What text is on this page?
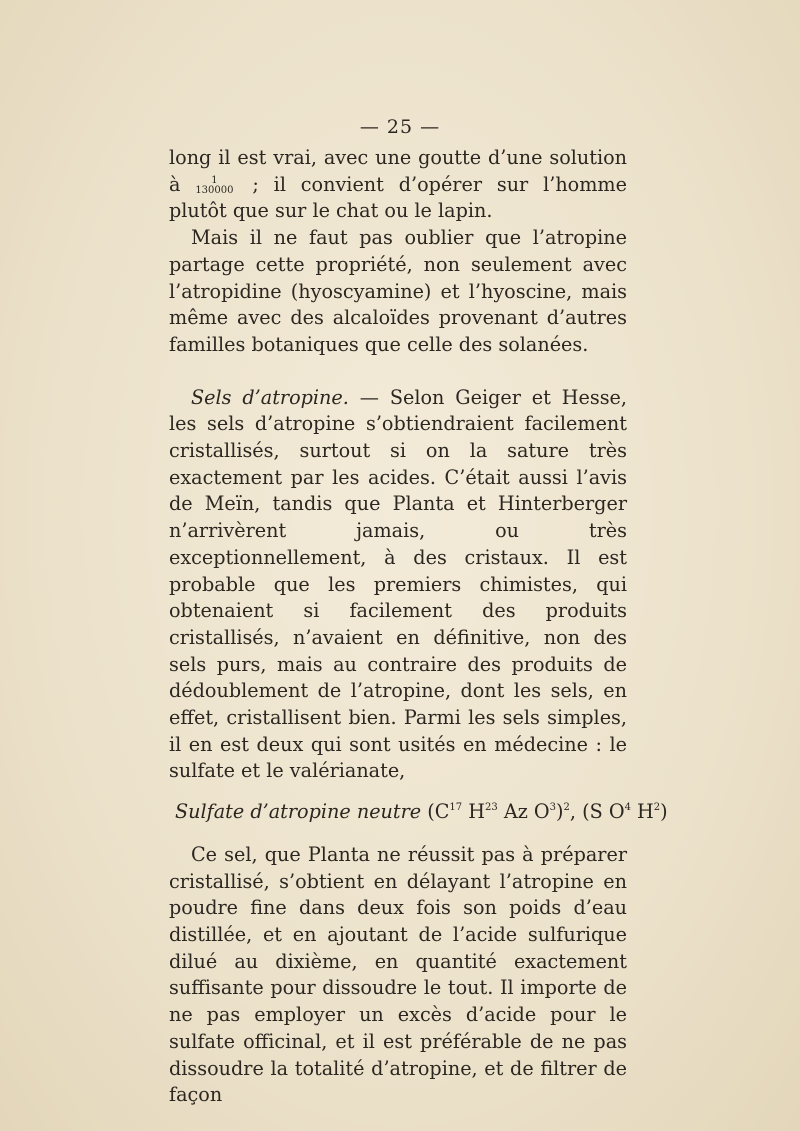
— 25 —

long il est vrai, avec une goutte d’une solution à	1
130000 ; il convient d’opérer sur l’homme plutôt que sur le chat ou le lapin.

Mais il ne faut pas oublier que l’atropine partage cette propriété, non seulement avec l’atropidine (hyoscyamine) et l’hyoscine, mais même avec des alcaloïdes provenant d’autres familles botaniques que celle des solanées.

Sels d’atropine. — Selon Geiger et Hesse, les sels d’atropine s’obtiendraient facilement cristallisés, surtout si on la sature très exactement par les acides. C’était aussi l’avis de Meïn, tandis que Planta et Hinterberger n’arrivèrent jamais, ou très exceptionnellement, à des cristaux. Il est probable que les premiers chimistes, qui obtenaient si facilement des produits cristallisés, n’avaient en définitive, non des sels purs, mais au contraire des produits de dédoublement de l’atropine, dont les sels, en effet, cristallisent bien. Parmi les sels simples, il en est deux qui sont usités en médecine : le sulfate et le valérianate,

Sulfate d’atropine neutre ($C^{17}$ $H^{23}$ Az $O^3)^2$, (S $O^4$ $H^2$)

Ce sel, que Planta ne réussit pas à préparer cristallisé, s’obtient en délayant l’atropine en poudre fine dans deux fois son poids d’eau distillée, et en ajoutant de l’acide sulfurique dilué au dixième, en quantité exactement suffisante pour dissoudre le tout. Il importe de ne pas employer un excès d’acide pour le sulfate officinal, et il est préférable de ne pas dissoudre la totalité d’atropine, et de filtrer de façon
